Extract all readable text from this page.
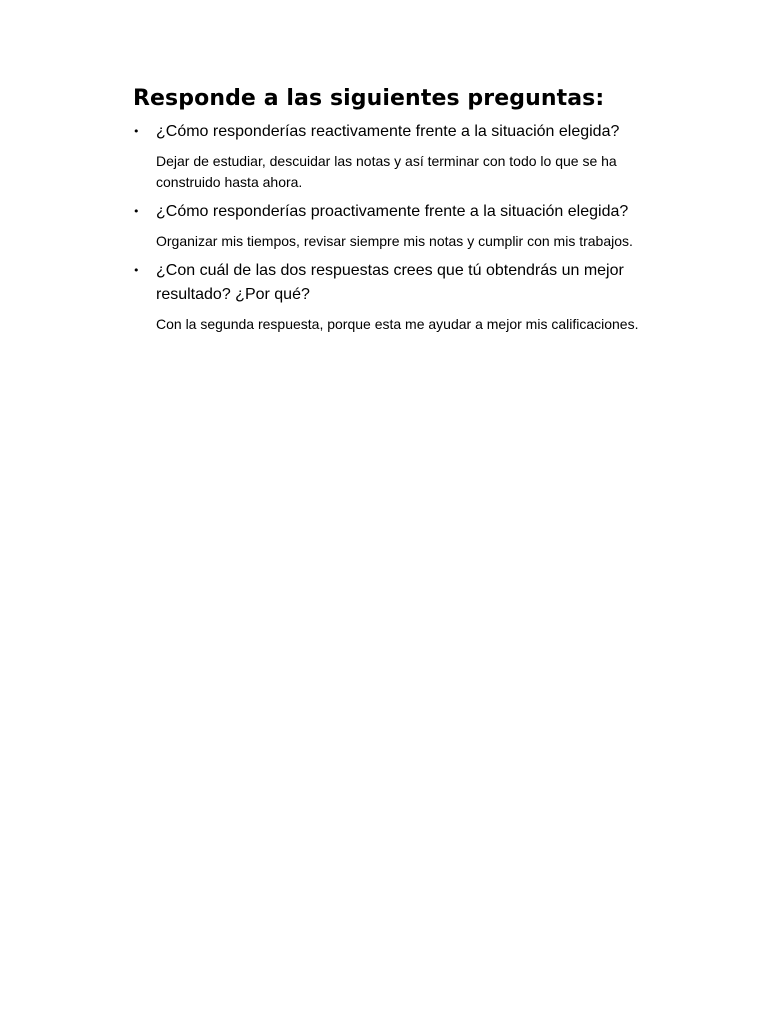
Responde a las siguientes preguntas:
•	¿Cómo responderías reactivamente frente a la situación elegida?

Dejar de estudiar, descuidar las notas y así terminar con todo lo que se ha construido hasta ahora.

•	¿Cómo responderías proactivamente frente a la situación elegida?

Organizar mis tiempos, revisar siempre mis notas y cumplir con mis trabajos.

•	¿Con cuál de las dos respuestas crees que tú obtendrás un mejor resultado? ¿Por qué?

Con la segunda respuesta, porque esta me ayudar a mejor mis calificaciones.
